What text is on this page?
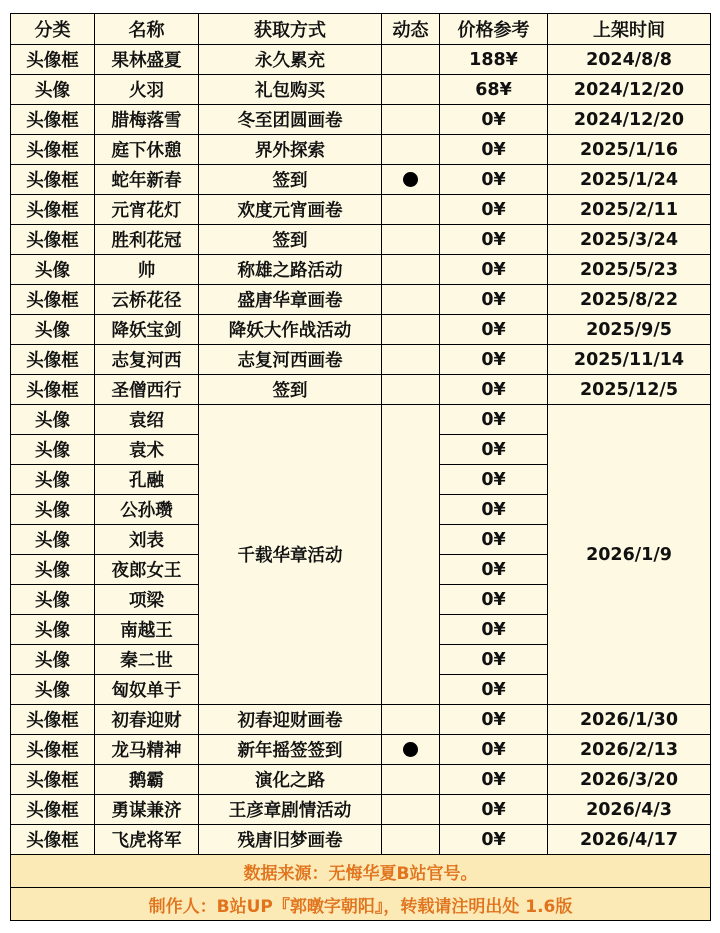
分类	名称	获取方式	动态	价格参考	上架时间
头像框	果林盛夏	永久累充		188¥	2024/8/8
头像	火羽	礼包购买		68¥	2024/12/20
头像框	腊梅落雪	冬至团圆画卷		0¥	2024/12/20
头像框	庭下休憩	界外探索		0¥	2025/1/16
头像框	蛇年新春	签到		0¥	2025/1/24
头像框	元宵花灯	欢度元宵画卷		0¥	2025/2/11
头像框	胜利花冠	签到		0¥	2025/3/24
头像	帅	称雄之路活动		0¥	2025/5/23
头像框	云桥花径	盛唐华章画卷		0¥	2025/8/22
头像	降妖宝剑	降妖大作战活动		0¥	2025/9/5
头像框	志复河西	志复河西画卷		0¥	2025/11/14
头像框	圣僧西行	签到		0¥	2025/12/5
头像	袁绍	千载华章活动		0¥	2026/1/9
头像	袁术			0¥	
头像	孔融			0¥	
头像	公孙瓒			0¥	
头像	刘表			0¥	
头像	夜郎女王			0¥	
头像	项梁			0¥	
头像	南越王			0¥	
头像	秦二世			0¥	
头像	匈奴单于			0¥	
头像框	初春迎财	初春迎财画卷		0¥	2026/1/30
头像框	龙马精神	新年摇签签到		0¥	2026/2/13
头像框	鹅霸	演化之路		0¥	2026/3/20
头像框	勇谋兼济	王彦章剧情活动		0¥	2026/4/3
头像框	飞虎将军	残唐旧梦画卷		0¥	2026/4/17
数据来源：无悔华夏B站官号。					
制作人：B站UP『郭暾字朝阳』，转载请注明出处 1.6版					
